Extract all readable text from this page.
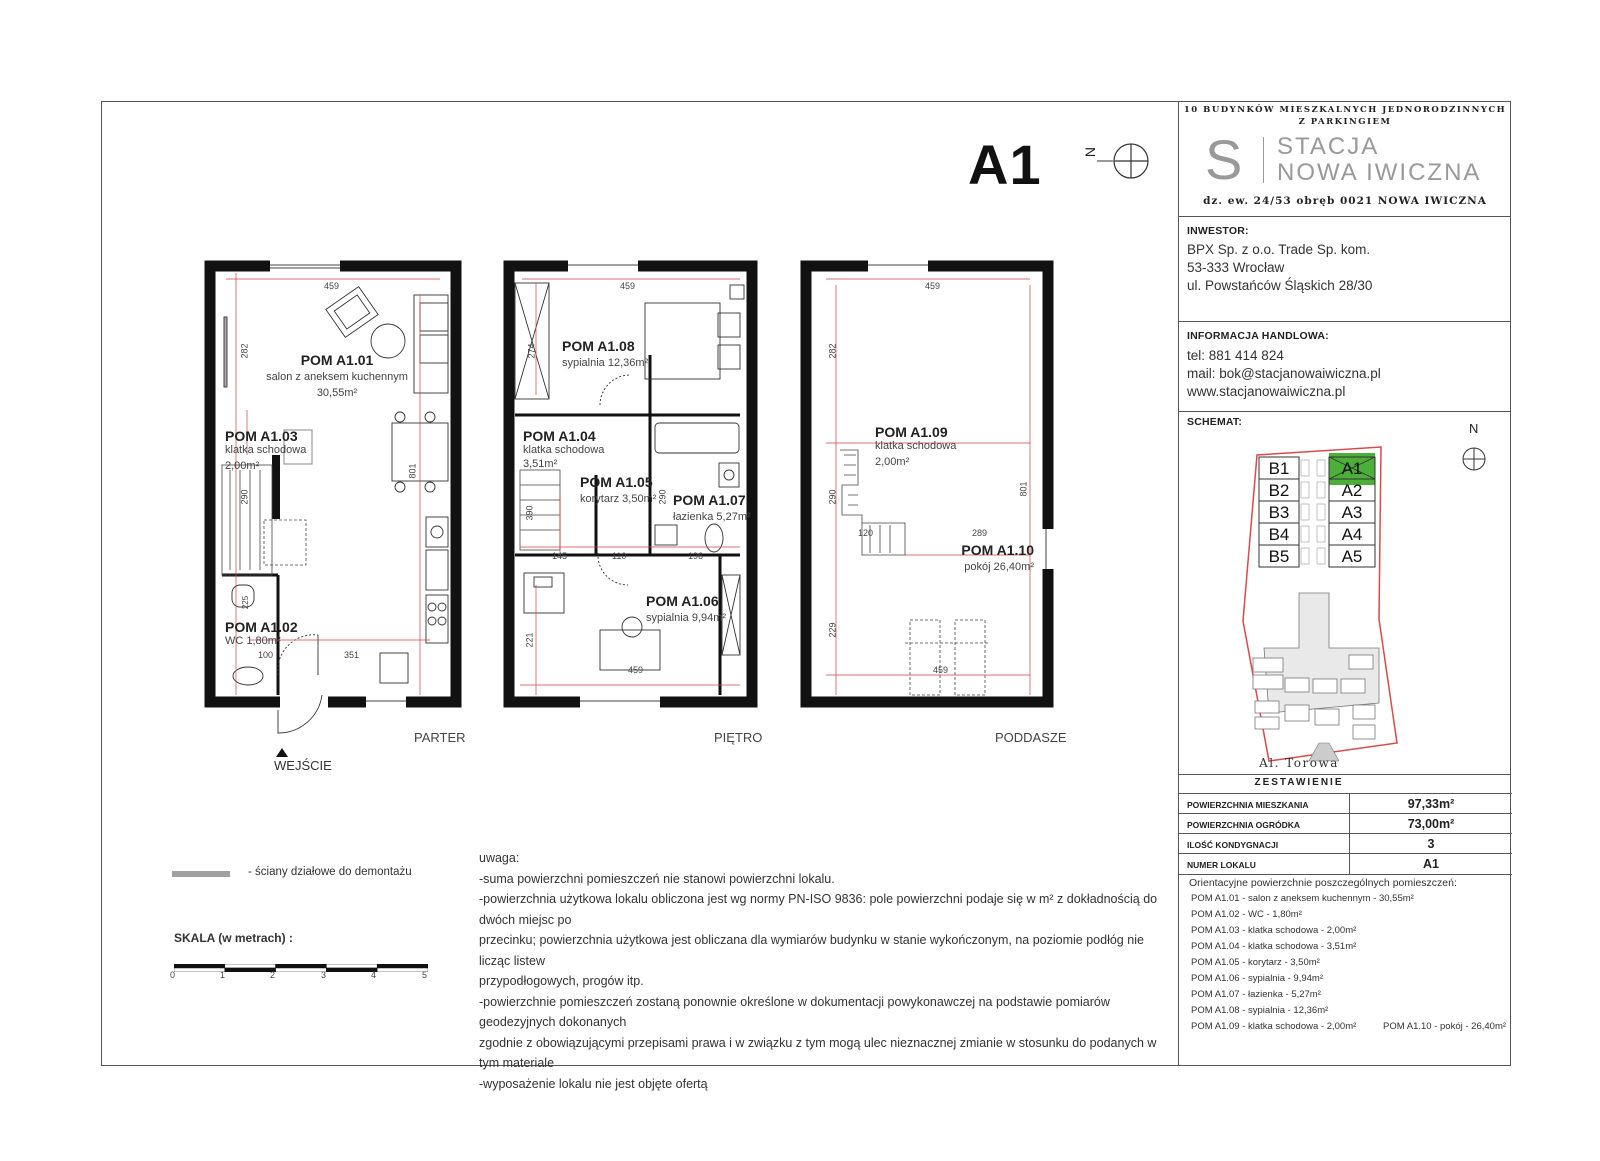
A1	N
10 BUDYNKÓW MIESZKALNYCH JEDNORODZINNYCH
Z PARKINGIEM
S STACJA
NOWA IWICZNA
dz. ew. 24/53 obręb 0021 NOWA IWICZNA
INWESTOR:
BPX Sp. z o.o. Trade Sp. kom.
53-333 Wrocław
ul. Powstańców Śląskich 28/30
INFORMACJA HANDLOWA:
tel: 881 414 824
mail: bok@stacjanowaiwiczna.pl
www.stacjanowaiwiczna.pl
SCHEMAT:	N
B1	A1
B2	A2
B3	A3
B4	A4
B5	A5
Al. Torowa
ZESTAWIENIE
POWIERZCHNIA MIESZKANIA	97,33m²
POWIERZCHNIA OGRÓDKA	73,00m²
ILOŚĆ KONDYGNACJI	3
NUMER LOKALU	A1
Orientacyjne powierzchnie poszczególnych pomieszczeń:
POM A1.01 - salon z aneksem kuchennym - 30,55m²
POM A1.02 - WC - 1,80m²
POM A1.03 - klatka schodowa - 2,00m²
POM A1.04 - klatka schodowa - 3,51m²
POM A1.05 - korytarz - 3,50m²
POM A1.06 - sypialnia - 9,94m²
POM A1.07 - łazienka - 5,27m²
POM A1.08 - sypialnia - 12,36m²
POM A1.09 - klatka schodowa - 2,00m²	POM A1.10 - pokój - 26,40m²
459
282
801
290
351
100
225
459
274
390
290
145	110	196
221
459
459
282
801
290
120	289
229
459
POM A1.01
salon z aneksem kuchennym
30,55m²
POM A1.03
klatka schodowa
2,00m²
POM A1.02
WC 1,80m²
POM A1.08
sypialnia 12,36m²
POM A1.04
klatka schodowa
3,51m²
POM A1.05
korytarz 3,50m² POM A1.07
łazienka 5,27m²
POM A1.06
sypialnia 9,94m²
POM A1.09
klatka schodowa
2,00m²
POM A1.10
pokój 26,40m²
PARTER	PIĘTRO	PODDASZE
WEJŚCIE
- ściany działowe do demontażu
SKALA (w metrach) :
0	1	2	3	4	5
uwaga:
-suma powierzchni pomieszczeń nie stanowi powierzchni lokalu.
-powierzchnia użytkowa lokalu obliczona jest wg normy PN-ISO 9836: pole powierzchni podaje się w m² z dokładnością do dwóch miejsc po
przecinku; powierzchnia użytkowa jest obliczana dla wymiarów budynku w stanie wykończonym, na poziomie podłóg nie licząc listew
przypodłogowych, progów itp.
-powierzchnie pomieszczeń zostaną ponownie określone w dokumentacji powykonawczej na podstawie pomiarów geodezyjnych dokonanych
zgodnie z obowiązującymi przepisami prawa i w związku z tym mogą ulec nieznacznej zmianie w stosunku do podanych w tym materiale
-wyposażenie lokalu nie jest objęte ofertą
